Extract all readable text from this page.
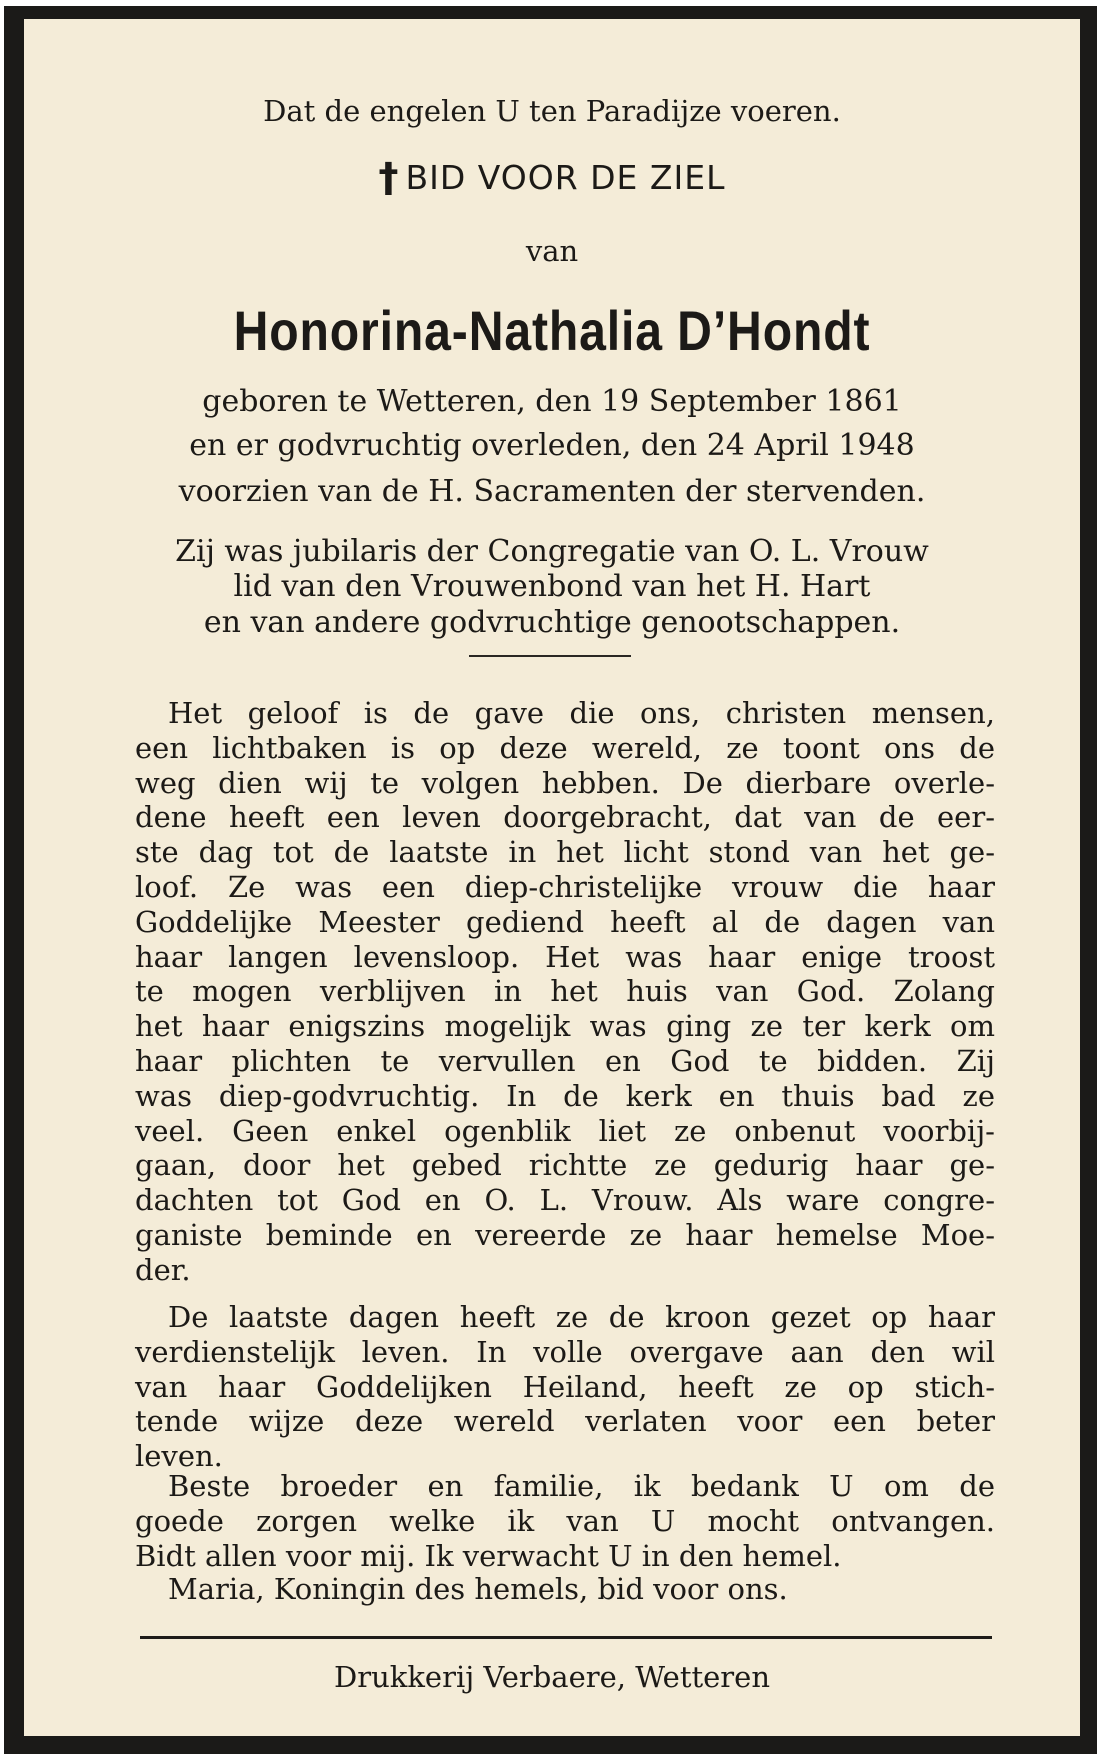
Dat de engelen U ten Paradijze voeren.
† BID VOOR DE ZIEL
van
Honorina-Nathalia D’Hondt
geboren te Wetteren, den 19 September 1861
en er godvruchtig overleden, den 24 April 1948
voorzien van de H. Sacramenten der stervenden.
Zij was jubilaris der Congregatie van O. L. Vrouw
lid van den Vrouwenbond van het H. Hart
en van andere godvruchtige genootschappen.
Het geloof is de gave die ons, christen mensen,
een lichtbaken is op deze wereld, ze toont ons de
weg dien wij te volgen hebben. De dierbare overle-
dene heeft een leven doorgebracht, dat van de eer-
ste dag tot de laatste in het licht stond van het ge-
loof. Ze was een diep-christelijke vrouw die haar
Goddelijke Meester gediend heeft al de dagen van
haar langen levensloop. Het was haar enige troost
te mogen verblijven in het huis van God. Zolang
het haar enigszins mogelijk was ging ze ter kerk om
haar plichten te vervullen en God te bidden. Zij
was diep-godvruchtig. In de kerk en thuis bad ze
veel. Geen enkel ogenblik liet ze onbenut voorbij-
gaan, door het gebed richtte ze gedurig haar ge-
dachten tot God en O. L. Vrouw. Als ware congre-
ganiste beminde en vereerde ze haar hemelse Moe-
der.
De laatste dagen heeft ze de kroon gezet op haar
verdienstelijk leven. In volle overgave aan den wil
van haar Goddelijken Heiland, heeft ze op stich-
tende wijze deze wereld verlaten voor een beter
leven.
Beste broeder en familie, ik bedank U om de
goede zorgen welke ik van U mocht ontvangen.
Bidt allen voor mij. Ik verwacht U in den hemel.
Maria, Koningin des hemels, bid voor ons.
Drukkerij Verbaere, Wetteren
